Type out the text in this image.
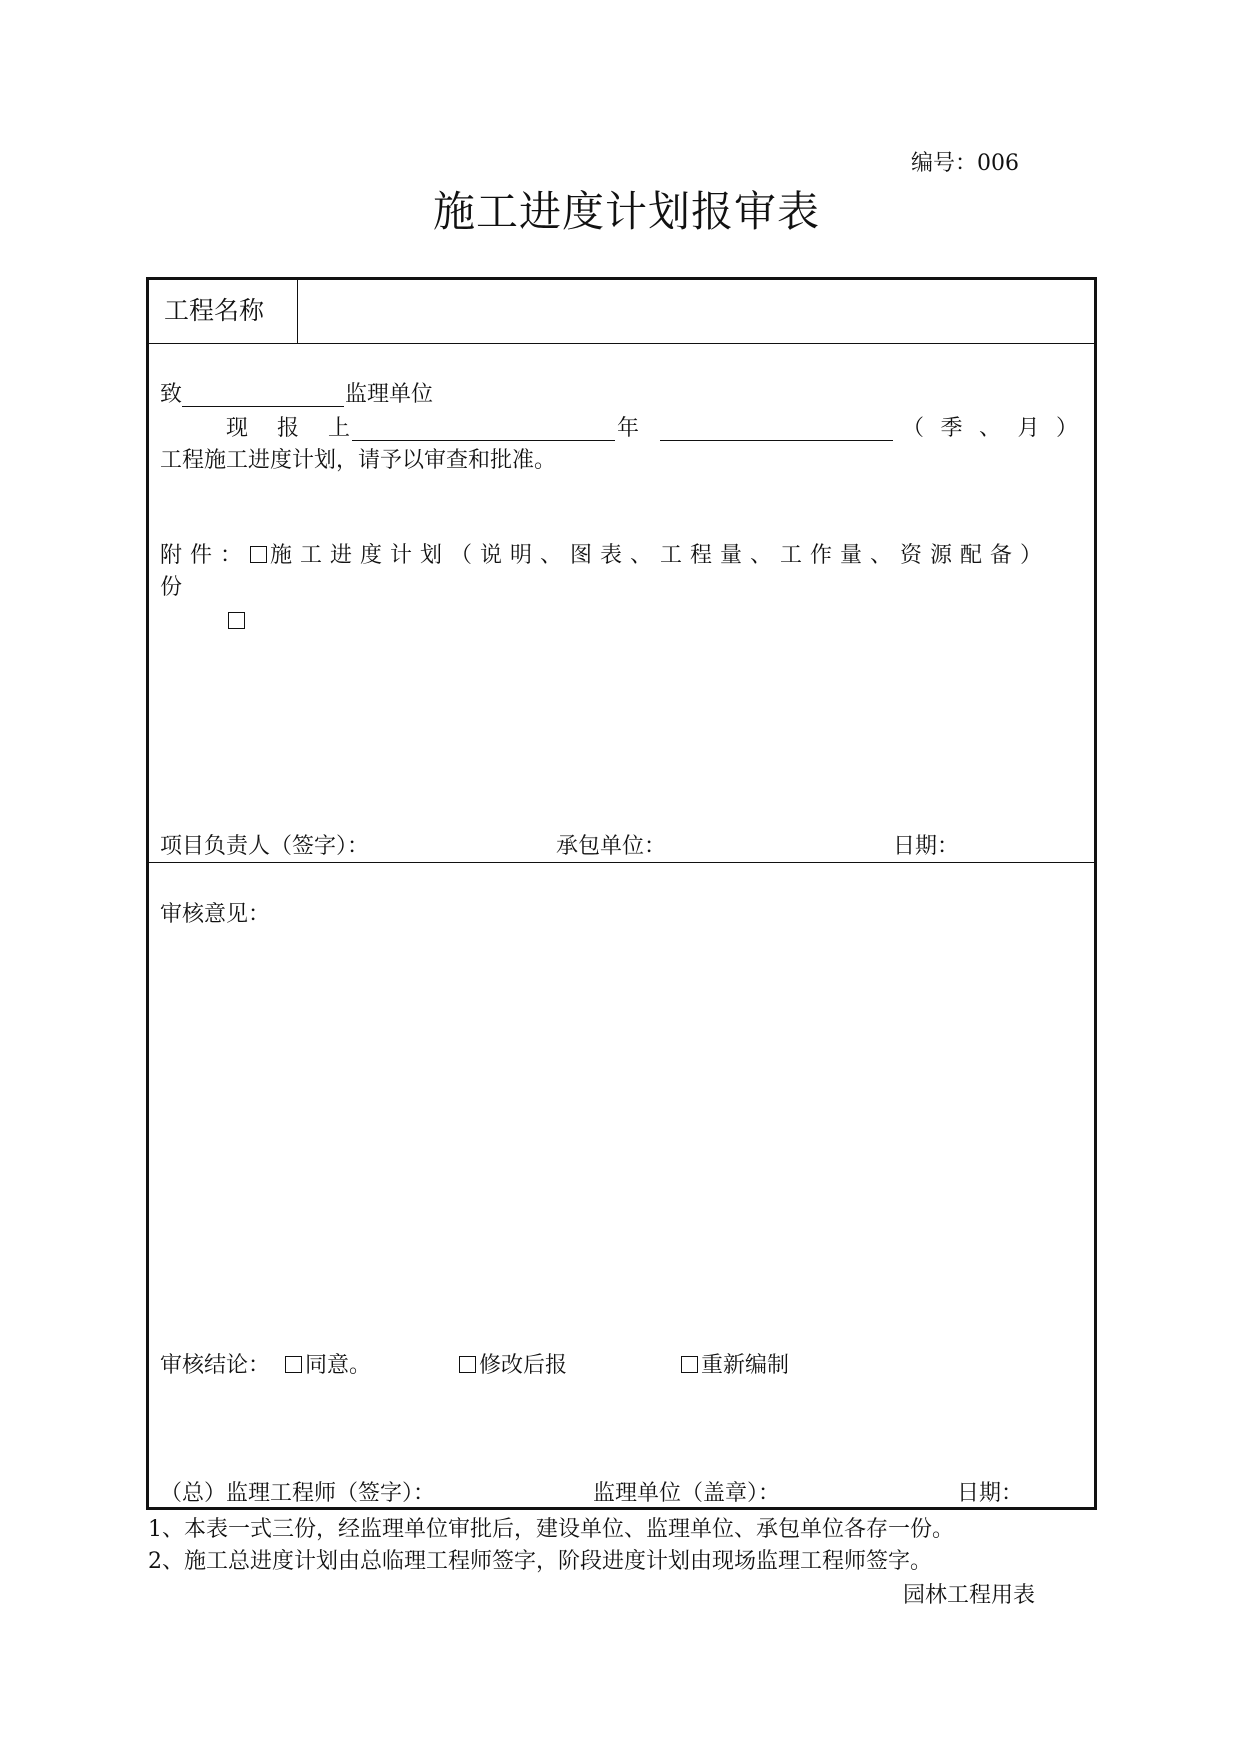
编号：006
施工进度计划报审表
工程名称
致	监理单位
现 报 上	年	（ 季 、 月 ）
工程施工进度计划，请予以审查和批准。
附件： 施工进度计划（说明、图表、工程量、工作量、资源配备）
份
项目负责人（签字）：	承包单位：	日期：
审核意见：
审核结论：	同意。	修改后报	重新编制
（总）监理工程师（签字）：	监理单位（盖章）：	日期：
1、本表一式三份，经监理单位审批后，建设单位、监理单位、承包单位各存一份。
2、施工总进度计划由总临理工程师签字，阶段进度计划由现场监理工程师签字。
园林工程用表
